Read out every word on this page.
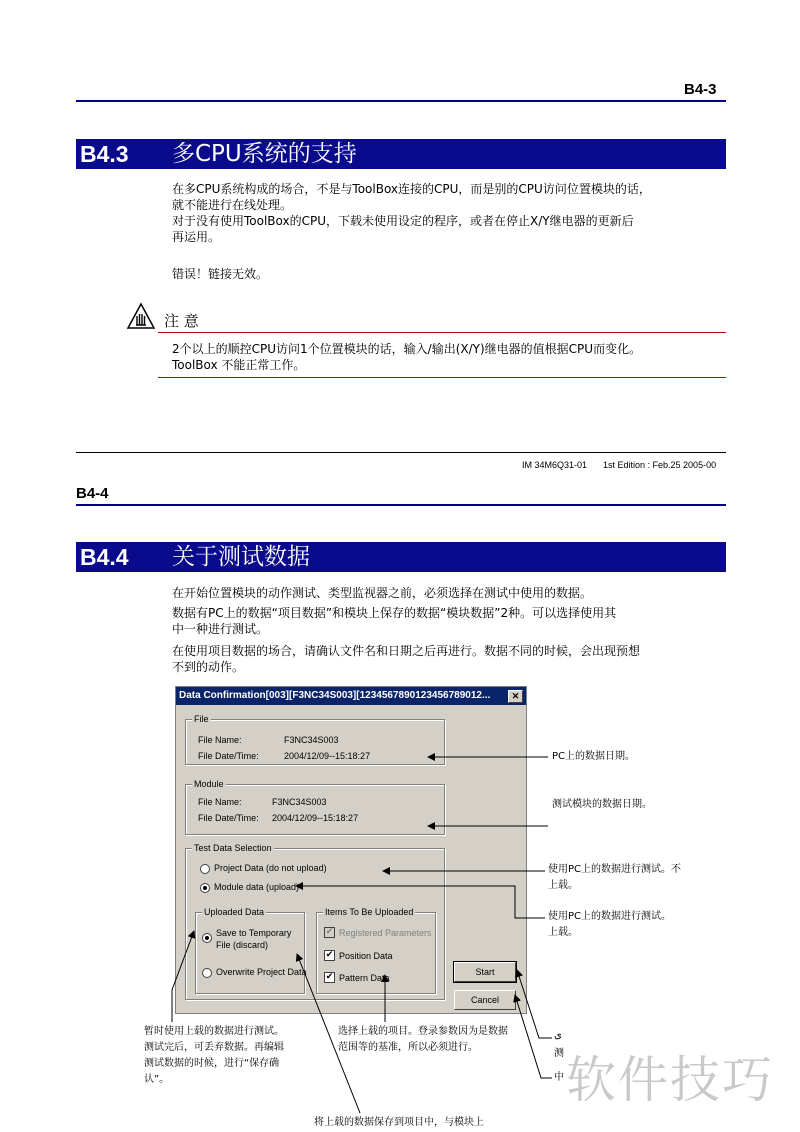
B4-3
B4.3 多CPU系统的支持
在多CPU系统构成的场合，不是与ToolBox连接的CPU，而是别的CPU访问位置模块的话，
就不能进行在线处理。
对于没有使用ToolBox的CPU，下载未使用设定的程序，或者在停止X/Y继电器的更新后
再运用。
错误！链接无效。
注 意
2个以上的顺控CPU访问1个位置模块的话，输入/输出(X/Y)继电器的值根据CPU而变化。
ToolBox 不能正常工作。
IM 34M6Q31-01 1st Edition : Feb.25 2005-00
B4-4
B4.4 关于测试数据
在开始位置模块的动作测试、类型监视器之前，必须选择在测试中使用的数据。
数据有PC上的数据“项目数据”和模块上保存的数据“模块数据”2种。可以选择使用其
中一种进行测试。
在使用项目数据的场合，请确认文件名和日期之后再进行。数据不同的时候，会出现预想
不到的动作。
Data Confirmation[003][F3NC34S003][1234567890123456789012...	✕
File
File Name:	F3NC34S003
File Date/Time:	2004/12/09--15:18:27
Module
File Name:	F3NC34S003
File Date/Time: 2004/12/09--15:18:27
Test Data Selection
Project Data (do not upload)
Module data (upload)
Uploaded Data
Save to Temporary
File (discard)
Overwrite Project Data
Items To Be Uploaded
✔ Registered Parameters
✔ Position Data
✔ Pattern Data
Start
Cancel
PC上的数据日期。
测试模块的数据日期。
使用PC上的数据进行测试。不
上载。
使用PC上的数据进行测试。
上载。
暂时使用上载的数据进行测试。
测试完后，可丢弃数据。再编辑
测试数据的时候，进行“保存确
认”。
选择上载的项目。登录参数因为是数据
范围等的基准，所以必须进行。
ی
测
中
将上载的数据保存到项目中，与模块上
软件技巧
